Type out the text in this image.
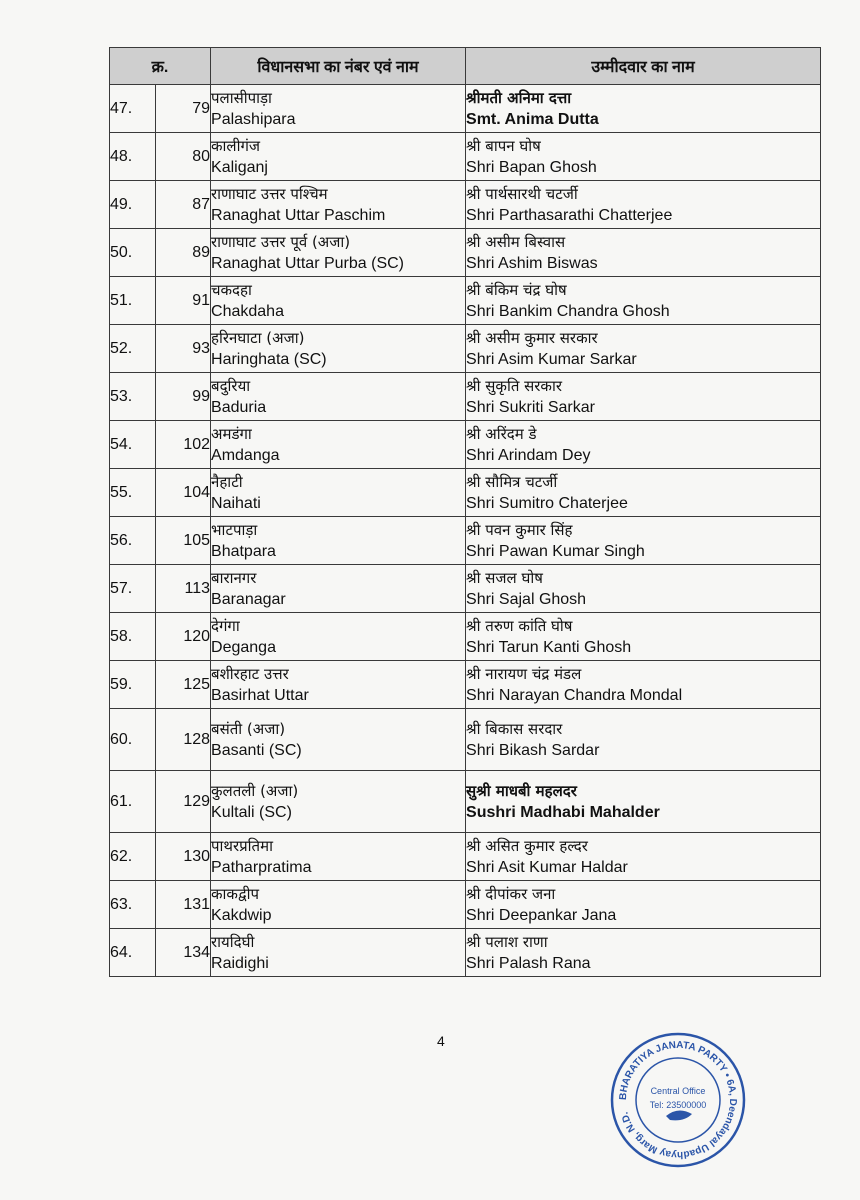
क्र.		विधानसभा का नंबर एवं नाम	उम्मीदवार का नाम
47.	79	पलासीपाड़ा
Palashipara	श्रीमती अनिमा दत्ता
Smt. Anima Dutta

48.	80	कालीगंज
Kaliganj	श्री बापन घोष
Shri Bapan Ghosh

49.	87	राणाघाट उत्तर पश्चिम
Ranaghat Uttar Paschim	श्री पार्थसारथी चटर्जी
Shri Parthasarathi Chatterjee

50.	89	राणाघाट उत्तर पूर्व (अजा)
Ranaghat Uttar Purba (SC)	श्री असीम बिस्वास
Shri Ashim Biswas

51.	91	चकदहा
Chakdaha	श्री बंकिम चंद्र घोष
Shri Bankim Chandra Ghosh

52.	93	हरिनघाटा (अजा)
Haringhata (SC)	श्री असीम कुमार सरकार
Shri Asim Kumar Sarkar

53.	99	बदुरिया
Baduria	श्री सुकृति सरकार
Shri Sukriti Sarkar

54.	102	अमडंगा
Amdanga	श्री अरिंदम डे
Shri Arindam Dey

55.	104	नैहाटी
Naihati	श्री सौमित्र चटर्जी
Shri Sumitro Chaterjee

56.	105	भाटपाड़ा
Bhatpara	श्री पवन कुमार सिंह
Shri Pawan Kumar Singh

57.	113	बारानगर
Baranagar	श्री सजल घोष
Shri Sajal Ghosh

58.	120	देगंगा
Deganga	श्री तरुण कांति घोष
Shri Tarun Kanti Ghosh

59.	125	बशीरहाट उत्तर
Basirhat Uttar	श्री नारायण चंद्र मंडल
Shri Narayan Chandra Mondal

60.	128	बसंती (अजा)
Basanti (SC)	श्री बिकास सरदार
Shri Bikash Sardar

61.	129	कुलतली (अजा)
Kultali (SC)	सुश्री माधबी महलदर
Sushri Madhabi Mahalder

62.	130	पाथरप्रतिमा
Patharpratima	श्री असित कुमार हल्दर
Shri Asit Kumar Haldar

63.	131	काकद्वीप
Kakdwip	श्री दीपांकर जना
Shri Deepankar Jana

64.	134	रायदिघी
Raidighi	श्री पलाश राणा
Shri Palash Rana
4
BHARATIYA JANATA PARTY • 6A, Deendayal Upadhyay Marg, N.D.
Central Office
Tel: 23500000
